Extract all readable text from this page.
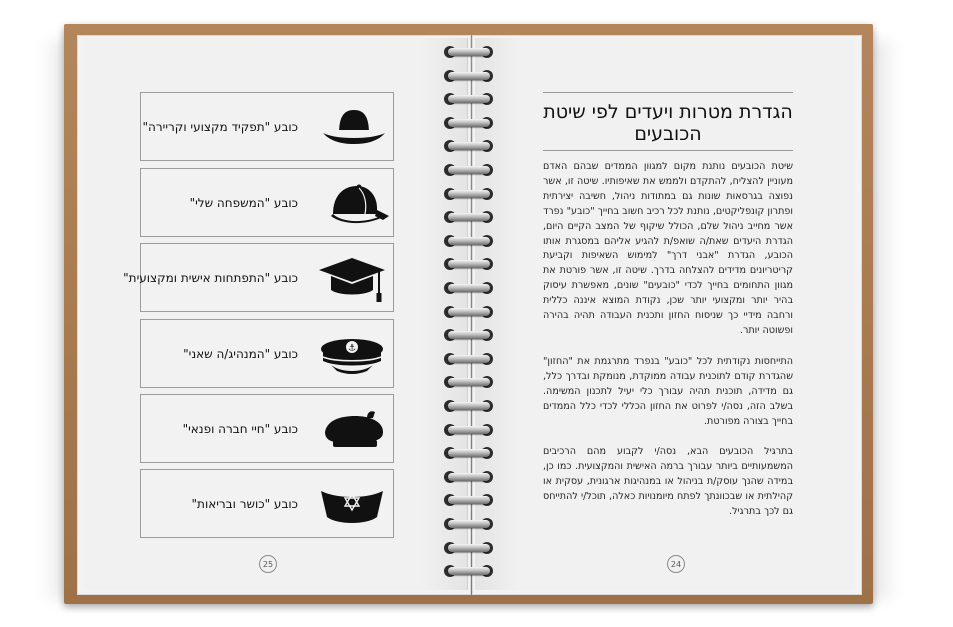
כובע "תפקיד מקצועי וקריירה"
כובע "המשפחה שלי"
כובע "התפתחות אישית ומקצועית"
כובע "המנהיג/ה שאני"	⚓
כובע "חיי חברה ופנאי"
כובע "כושר ובריאות"
25
הגדרת מטרות ויעדים לפי שיטת הכובעים
שיטת הכובעים נותנת מקום למגוון הממדים שבהם האדם מעוניין להצליח, להתקדם ולממש את שאיפותיו. שיטה זו, אשר נפוצה בגרסאות שונות גם במתודות ניהול, חשיבה יצירתית ופתרון קונפליקטים, נותנת לכל רכיב חשוב בחייך "כובע" נפרד אשר מחייב ניהול שלם, הכולל שיקוף של המצב הקיים היום, הגדרת היעדים שאת/ה שואפ/ת להגיע אליהם במסגרת אותו הכובע, הגדרת "אבני דרך" למימוש השאיפות וקביעת קריטריונים מדידים להצלחה בדרך. שיטה זו, אשר פורטת את מגוון התחומים בחייך לכדי "כובעים" שונים, מאפשרת עיסוק בהיר יותר ומקצועי יותר שכן, נקודת המוצא איננה כללית ורחבה מידיי כך שניסוח החזון ותכנית העבודה תהיה בהירה ופשוטה יותר.
התייחסות נקודתית לכל "כובע" בנפרד מתרגמת את "החזון" שהגדרת קודם לתוכנית עבודה ממוקדת, מנומקת ובדרך כלל, גם מדידה, תוכנית תהיה עבורך כלי יעיל לתכנון המשימה. בשלב הזה, נסה/י לפרוט את החזון הכללי לכדי כלל הממדים בחייך בצורה מפורטת.
בתרגיל הכובעים הבא, נסה/י לקבוע מהם הרכיבים המשמעותיים ביותר עבורך ברמה האישית והמקצועית. כמו כן, במידה שהנך עוסק/ת בניהול או במנהיגות ארגונית, עסקית או קהילתית או שבכוונתך לפתח מיומנויות כאלה, תוכל/י להתייחס גם לכך בתרגיל.
24
